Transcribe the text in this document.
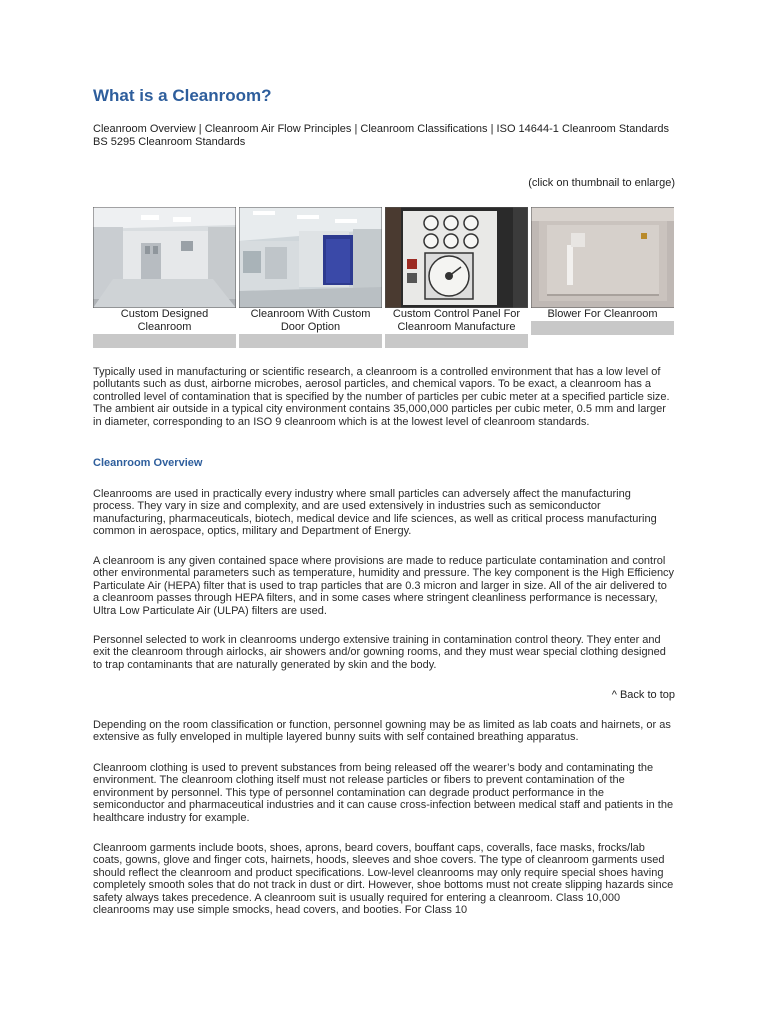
What is a Cleanroom?
Cleanroom Overview | Cleanroom Air Flow Principles | Cleanroom Classifications | ISO 14644-1 Cleanroom Standards
BS 5295 Cleanroom Standards
(click on thumbnail to enlarge)
Custom Designed Cleanroom
Cleanroom With Custom Door Option
Custom Control Panel For Cleanroom Manufacture
Blower For Cleanroom

Typically used in manufacturing or scientific research, a cleanroom is a controlled environment that has a low level of pollutants such as dust, airborne microbes, aerosol particles, and chemical vapors. To be exact, a cleanroom has a controlled level of contamination that is specified by the number of particles per cubic meter at a specified particle size. The ambient air outside in a typical city environment contains 35,000,000 particles per cubic meter, 0.5 mm and larger in diameter, corresponding to an ISO 9 cleanroom which is at the lowest level of cleanroom standards.

Cleanroom Overview

Cleanrooms are used in practically every industry where small particles can adversely affect the manufacturing process. They vary in size and complexity, and are used extensively in industries such as semiconductor manufacturing, pharmaceuticals, biotech, medical device and life sciences, as well as critical process manufacturing common in aerospace, optics, military and Department of Energy.

A cleanroom is any given contained space where provisions are made to reduce particulate contamination and control other environmental parameters such as temperature, humidity and pressure. The key component is the High Efficiency Particulate Air (HEPA) filter that is used to trap particles that are 0.3 micron and larger in size. All of the air delivered to a cleanroom passes through HEPA filters, and in some cases where stringent cleanliness performance is necessary, Ultra Low Particulate Air (ULPA) filters are used.

Personnel selected to work in cleanrooms undergo extensive training in contamination control theory. They enter and exit the cleanroom through airlocks, air showers and/or gowning rooms, and they must wear special clothing designed to trap contaminants that are naturally generated by skin and the body.

^ Back to top

Depending on the room classification or function, personnel gowning may be as limited as lab coats and hairnets, or as extensive as fully enveloped in multiple layered bunny suits with self contained breathing apparatus.

Cleanroom clothing is used to prevent substances from being released off the wearer’s body and contaminating the environment. The cleanroom clothing itself must not release particles or fibers to prevent contamination of the environment by personnel. This type of personnel contamination can degrade product performance in the semiconductor and pharmaceutical industries and it can cause cross-infection between medical staff and patients in the healthcare industry for example.

Cleanroom garments include boots, shoes, aprons, beard covers, bouffant caps, coveralls, face masks, frocks/lab coats, gowns, glove and finger cots, hairnets, hoods, sleeves and shoe covers. The type of cleanroom garments used should reflect the cleanroom and product specifications. Low-level cleanrooms may only require special shoes having completely smooth soles that do not track in dust or dirt. However, shoe bottoms must not create slipping hazards since safety always takes precedence. A cleanroom suit is usually required for entering a cleanroom. Class 10,000 cleanrooms may use simple smocks, head covers, and booties. For Class 10
